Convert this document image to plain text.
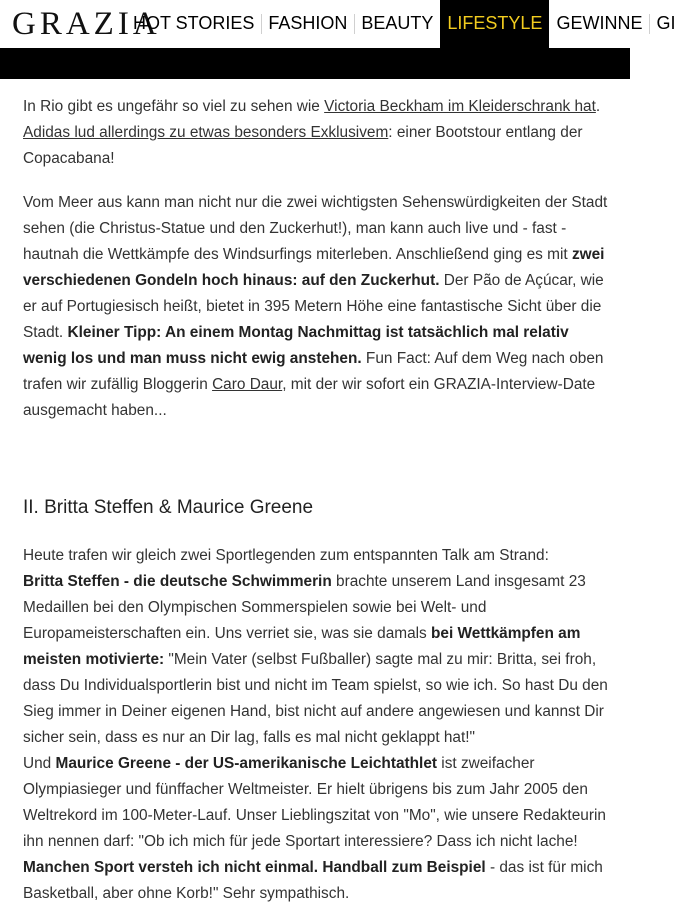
GRAZIA
HOT STORIES FASHION BEAUTY LIFESTYLE GEWINNE GI

In Rio gibt es ungefähr so viel zu sehen wie Victoria Beckham im Kleiderschrank hat. Adidas lud allerdings zu etwas besonders Exklusivem: einer Bootstour entlang der Copacabana!

Vom Meer aus kann man nicht nur die zwei wichtigsten Sehenswürdigkeiten der Stadt sehen (die Christus-Statue und den Zuckerhut!), man kann auch live und - fast - hautnah die Wettkämpfe des Windsurfings miterleben. Anschließend ging es mit zwei verschiedenen Gondeln hoch hinaus: auf den Zuckerhut. Der Pão de Açúcar, wie er auf Portugiesisch heißt, bietet in 395 Metern Höhe eine fantastische Sicht über die Stadt. Kleiner Tipp: An einem Montag Nachmittag ist tatsächlich mal relativ wenig los und man muss nicht ewig anstehen. Fun Fact: Auf dem Weg nach oben trafen wir zufällig Bloggerin Caro Daur, mit der wir sofort ein GRAZIA-Interview-Date ausgemacht haben...

II. Britta Steffen & Maurice Greene

Heute trafen wir gleich zwei Sportlegenden zum entspannten Talk am Strand:
Britta Steffen - die deutsche Schwimmerin brachte unserem Land insgesamt 23 Medaillen bei den Olympischen Sommerspielen sowie bei Welt- und Europameisterschaften ein. Uns verriet sie, was sie damals bei Wettkämpfen am meisten motivierte: "Mein Vater (selbst Fußballer) sagte mal zu mir: Britta, sei froh, dass Du Individualsportlerin bist und nicht im Team spielst, so wie ich. So hast Du den Sieg immer in Deiner eigenen Hand, bist nicht auf andere angewiesen und kannst Dir sicher sein, dass es nur an Dir lag, falls es mal nicht geklappt hat!"
Und Maurice Greene - der US-amerikanische Leichtathlet ist zweifacher Olympiasieger und fünffacher Weltmeister. Er hielt übrigens bis zum Jahr 2005 den Weltrekord im 100-Meter-Lauf. Unser Lieblingszitat von "Mo", wie unsere Redakteurin ihn nennen darf: "Ob ich mich für jede Sportart interessiere? Dass ich nicht lache! Manchen Sport versteh ich nicht einmal. Handball zum Beispiel - das ist für mich Basketball, aber ohne Korb!" Sehr sympathisch.
